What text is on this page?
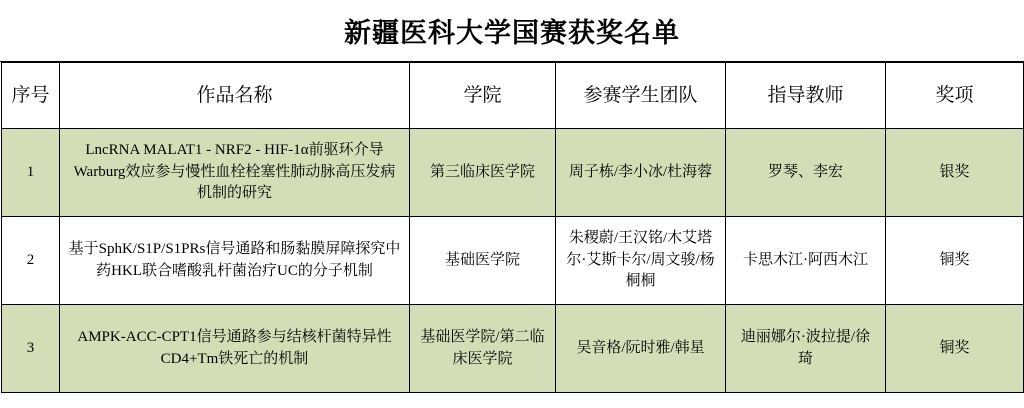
新疆医科大学国赛获奖名单
序号	作品名称	学院	参赛学生团队	指导教师	奖项
1	LncRNA MALAT1 - NRF2 - HIF-1α前驱环介导Warburg效应参与慢性血栓栓塞性肺动脉高压发病机制的研究	第三临床医学院	周子栋/李小冰/杜海蓉	罗琴、李宏	银奖
2	基于SphK/S1P/S1PRs信号通路和肠黏膜屏障探究中药HKL联合嗜酸乳杆菌治疗UC的分子机制	基础医学院	朱稷蔚/王汉铭/木艾塔尔·艾斯卡尔/周文骏/杨桐桐	卡思木江·阿西木江	铜奖
3	AMPK-ACC-CPT1信号通路参与结核杆菌特异性CD4+Tm铁死亡的机制	基础医学院/第二临床医学院	吴音格/阮时雅/韩星	迪丽娜尔·波拉提/徐琦	铜奖
